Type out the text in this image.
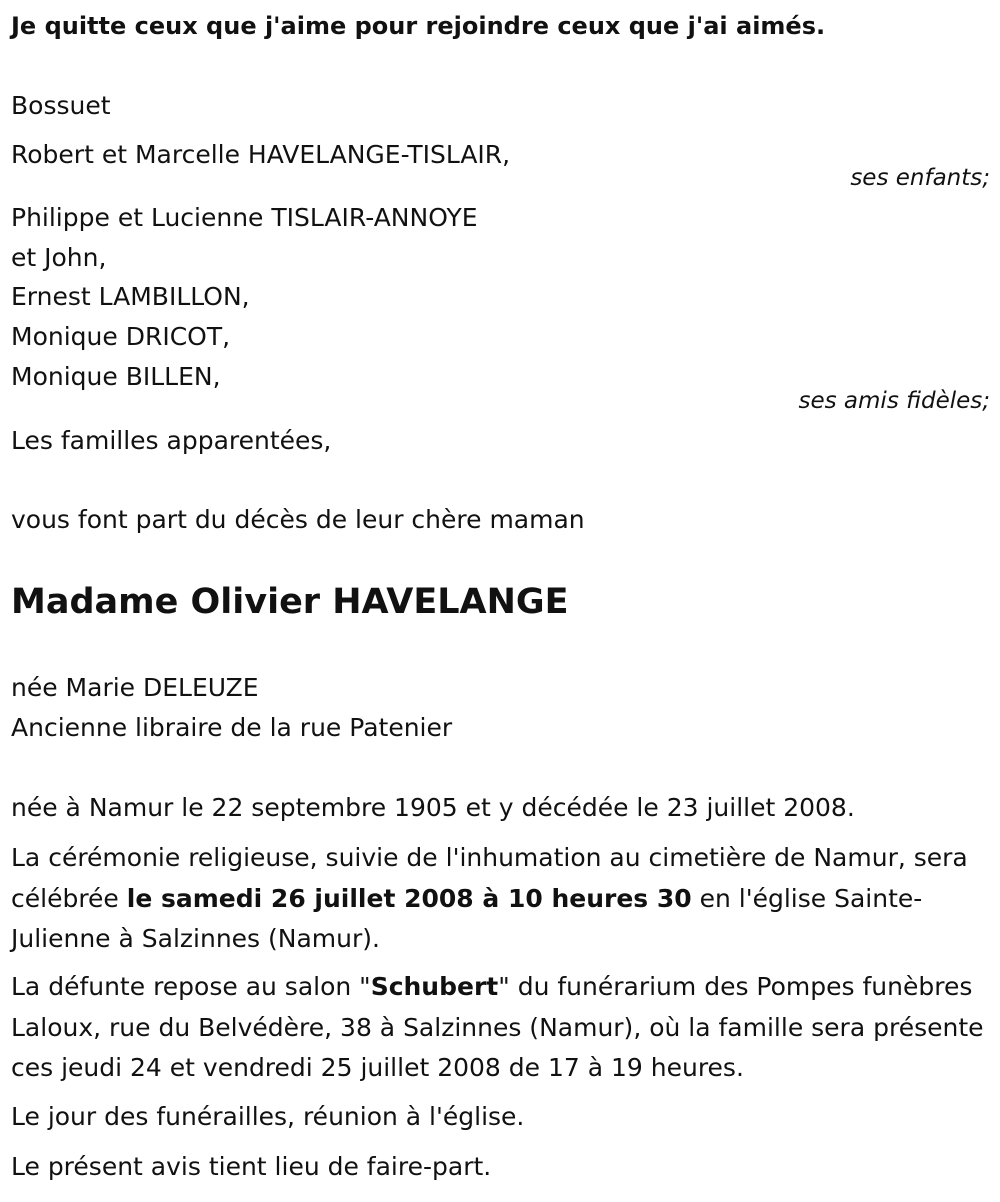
Je quitte ceux que j'aime pour rejoindre ceux que j'ai aimés.
Bossuet
Robert et Marcelle HAVELANGE-TISLAIR,
ses enfants;
Philippe et Lucienne TISLAIR-ANNOYE
et John,
Ernest LAMBILLON,
Monique DRICOT,
Monique BILLEN,
ses amis fidèles;
Les familles apparentées,
vous font part du décès de leur chère maman
Madame Olivier HAVELANGE
née Marie DELEUZE
Ancienne libraire de la rue Patenier
née à Namur le 22 septembre 1905 et y décédée le 23 juillet 2008.
La cérémonie religieuse, suivie de l'inhumation au cimetière de Namur, sera célébrée le samedi 26 juillet 2008 à 10 heures 30 en l'église Sainte-Julienne à Salzinnes (Namur).
La défunte repose au salon "Schubert" du funérarium des Pompes funèbres Laloux, rue du Belvédère, 38 à Salzinnes (Namur), où la famille sera présente ces jeudi 24 et vendredi 25 juillet 2008 de 17 à 19 heures.
Le jour des funérailles, réunion à l'église.
Le présent avis tient lieu de faire-part.
